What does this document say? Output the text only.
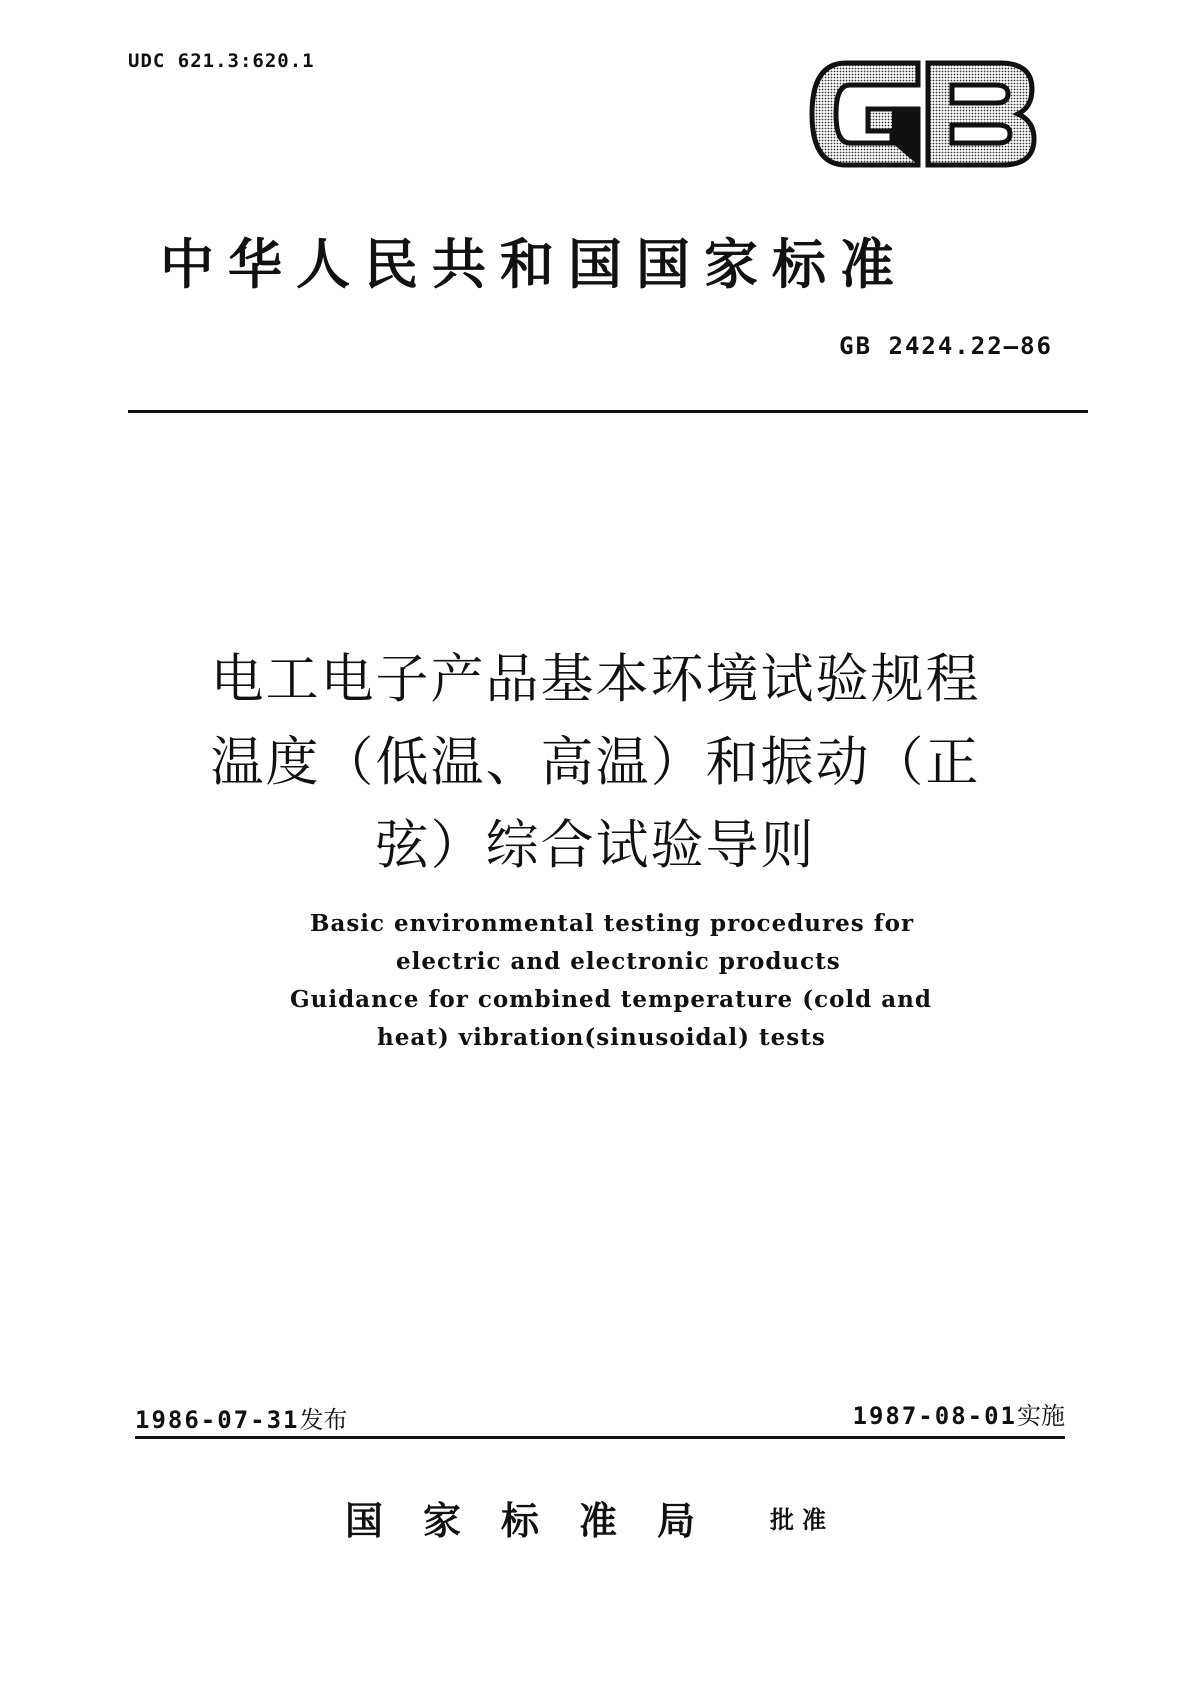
UDC 621.3:620.1	GB
中华人民共和国国家标准
GB 2424.22—86
电工电子产品基本环境试验规程
温度（低温、高温）和振动（正
弦）综合试验导则
Basic environmental testing procedures for
electric and electronic products
Guidance for combined temperature (cold and
heat) vibration(sinusoidal) tests
1986-07-31发布	1987-08-01实施
国家标准局 批准
